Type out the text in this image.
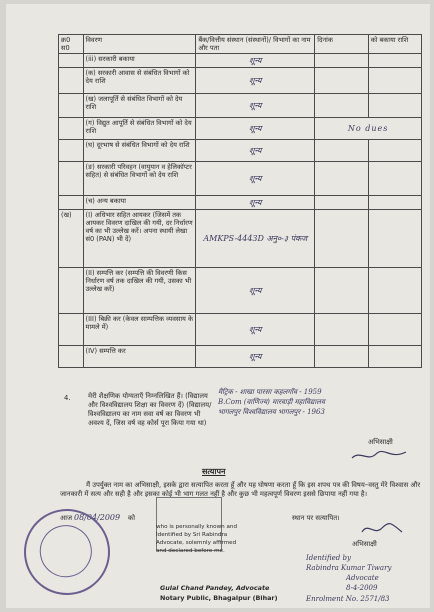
क्र0 स0	विवरण	बैंक/वित्तीय संस्थान (संस्थानों)/ विभागों का नाम और पता	दिनांक	को बकाया राशि
	(iii) सरकारी बकाया	शून्य		
	(क) सरकारी आवास से संबंधित विभागों को देय राशि	शून्य		
	(ख) जलापूर्ति से संबंधित विभागों को देय राशि	शून्य		
	(ग) विद्युत आपूर्ति से संबंधित विभागों को देय राशि	शून्य	No dues	
	(घ) दूरभाष से संबंधित विभागों को देय राशि	शून्य		
	(ङ) सरकारी परिवहन (वायुयान व हेलिकॉप्टर सहित) से संबंधित विभागों को देय राशि	शून्य		
	(च) अन्य बकाया	शून्य		
(ख)	(I) अधिभार सहित आयकर (जिसमें तक आयकर विवरण दाखिल की गयी, दर निर्धारण वर्ष का भी उल्लेख करें। अपना स्थायी लेखा सं0 (PAN) भी दें)	AMKPS-4443D अनु०-३ पंकज		
	(II) सम्पत्ति कर (सम्पत्ति की विवरणी किस निर्धारण वर्ष तक दाखिल की गयी, उसका भी उल्लेख करें)	शून्य		
	(III) बिक्री कर (केवल साम्पत्तिक व्यवसाय के मामले में)	शून्य		
	(IV) सम्पत्ति कर	शून्य		
4.	मेरी शैक्षणिक योग्यताएँ निम्नलिखित हैं। (विद्यालय और विश्वविद्यालय शिक्षा का विवरण दें) (विद्यालय/विश्वविद्यालय का नाम सवा वर्ष का विवरण भी अवश्य दें, जिस वर्ष वह कोर्स पूरा किया गया था)
मैट्रिक - शाखा पारसा कहलगाँव - 1959
B.Com (वाणिज्य) मारवाड़ी महाविद्यालय
भागलपुर विश्वविद्यालय भागलपुर - 1963
अभिसाक्षी
सत्यापन
मैं उपर्युक्त नाम का अभिसाक्षी, इसके द्वारा सत्यापित करता हूँ और यह घोषणा करता हूँ कि इस शपथ पत्र की विषय–वस्तु मेरे विश्वास और जानकारी में सत्य और सही है और इसका कोई भी भाग गलत नहीं है और कुछ भी महत्वपूर्ण विवरण इससे छिपाया नहीं गया है।
आज 08/04/2009 को	स्थान पर सत्यापित।
who is personally known and
Identified by Sri Rabindra
Advocate, solemnly affirmed
and declared before me.
Gulal Chand Pandey, Advocate
Notary Public, Bhagalpur (Bihar)
अभिसाक्षी
Identified by
Rabindra Kumar Tiwary
Advocate
8-4-2009
Enrolment No. 2571/83
